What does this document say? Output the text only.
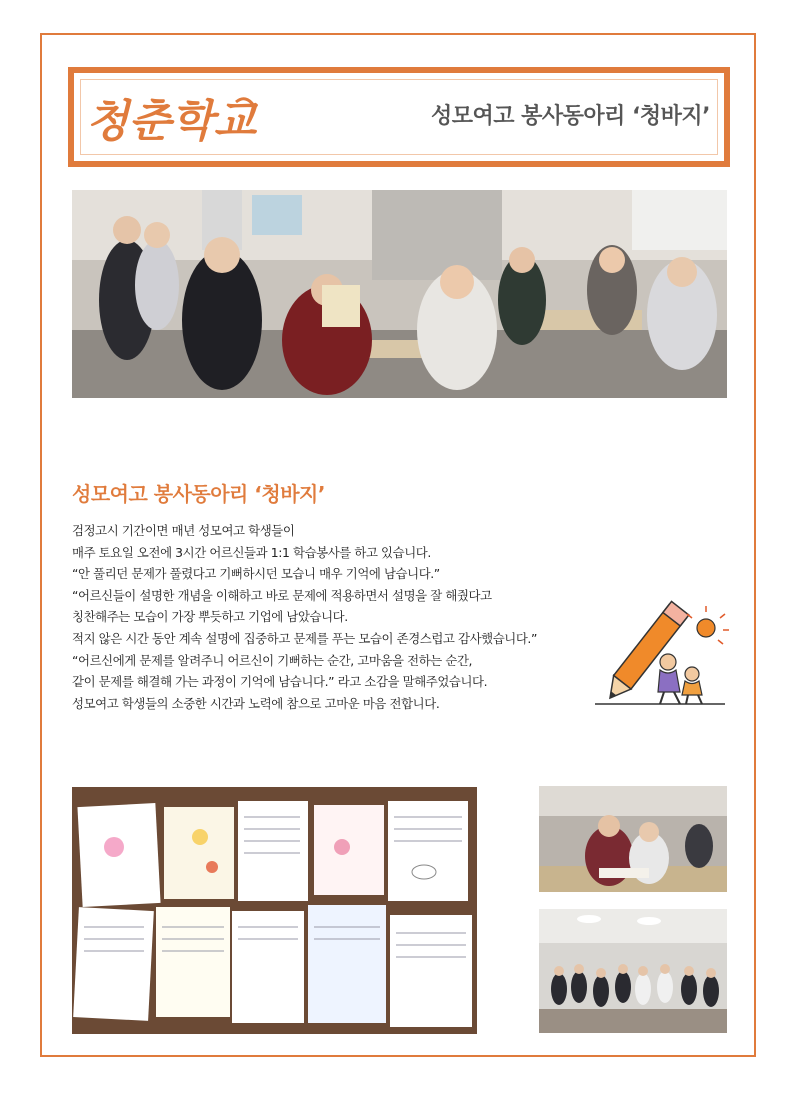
청춘학교	성모여고 봉사동아리 ‘청바지’
성모여고 봉사동아리 ‘청바지’

검정고시 기간이면 매년 성모여고 학생들이

매주 토요일 오전에 3시간 어르신들과 1:1 학습봉사를 하고 있습니다.

“안 풀리던 문제가 풀렸다고 기뻐하시던 모습니 매우 기억에 남습니다.”

“어르신들이 설명한 개념을 이해하고 바로 문제에 적용하면서 설명을 잘 해줬다고

칭찬해주는 모습이 가장 뿌듯하고 기업에 남았습니다.

적지 않은 시간 동안 계속 설명에 집중하고 문제를 푸는 모습이 존경스럽고 감사했습니다.”

“어르신에게 문제를 알려주니 어르신이 기뻐하는 순간, 고마움을 전하는 순간,

같이 문제를 해결해 가는 과정이 기억에 남습니다.” 라고 소감을 말해주었습니다.

성모여고 학생들의 소중한 시간과 노력에 참으로 고마운 마음 전합니다.
